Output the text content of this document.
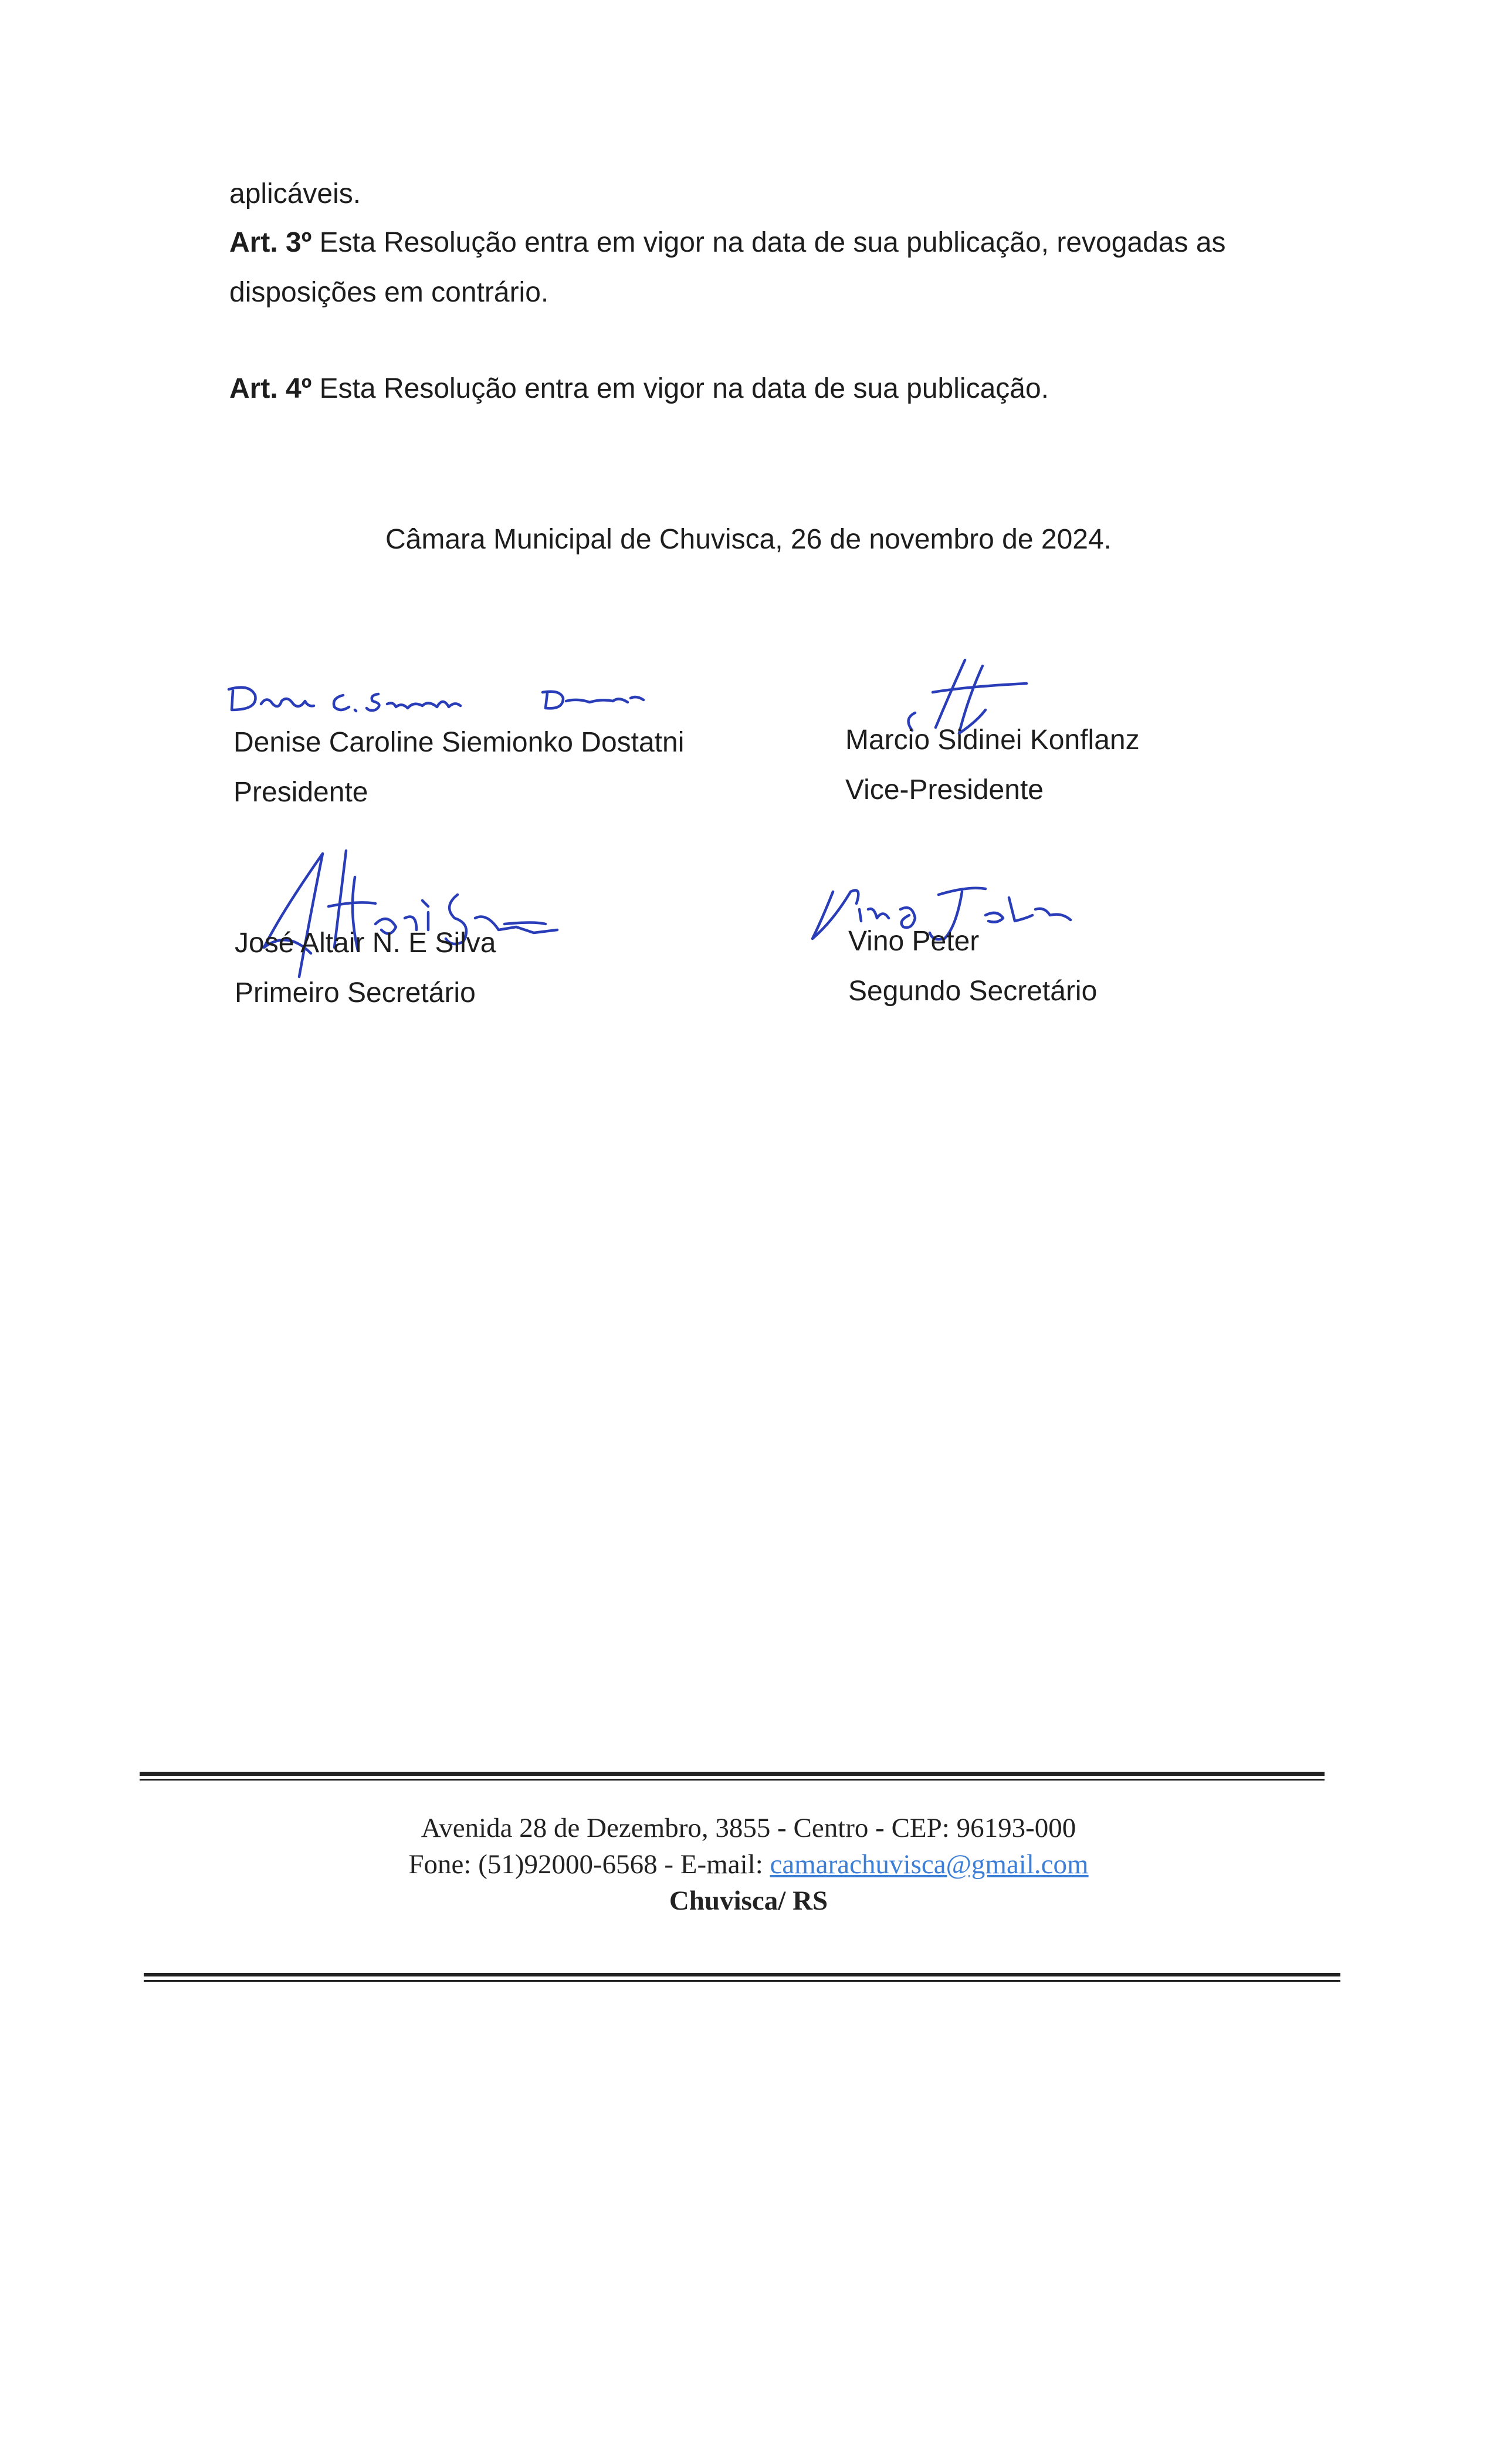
aplicáveis.

Art. 3º Esta Resolução entra em vigor na data de sua publicação, revogadas as
disposições em contrário.

Art. 4º Esta Resolução entra em vigor na data de sua publicação.

Câmara Municipal de Chuvisca, 26 de novembro de 2024.
Denise Caroline Siemionko Dostatni
Presidente
Marcio Sidinei Konflanz
Vice-Presidente
José Altair N. E Silva
Primeiro Secretário
Vino Peter
Segundo Secretário
Avenida 28 de Dezembro, 3855 - Centro - CEP: 96193-000
Fone: (51)92000-6568 - E-mail: camarachuvisca@gmail.com
Chuvisca/ RS
